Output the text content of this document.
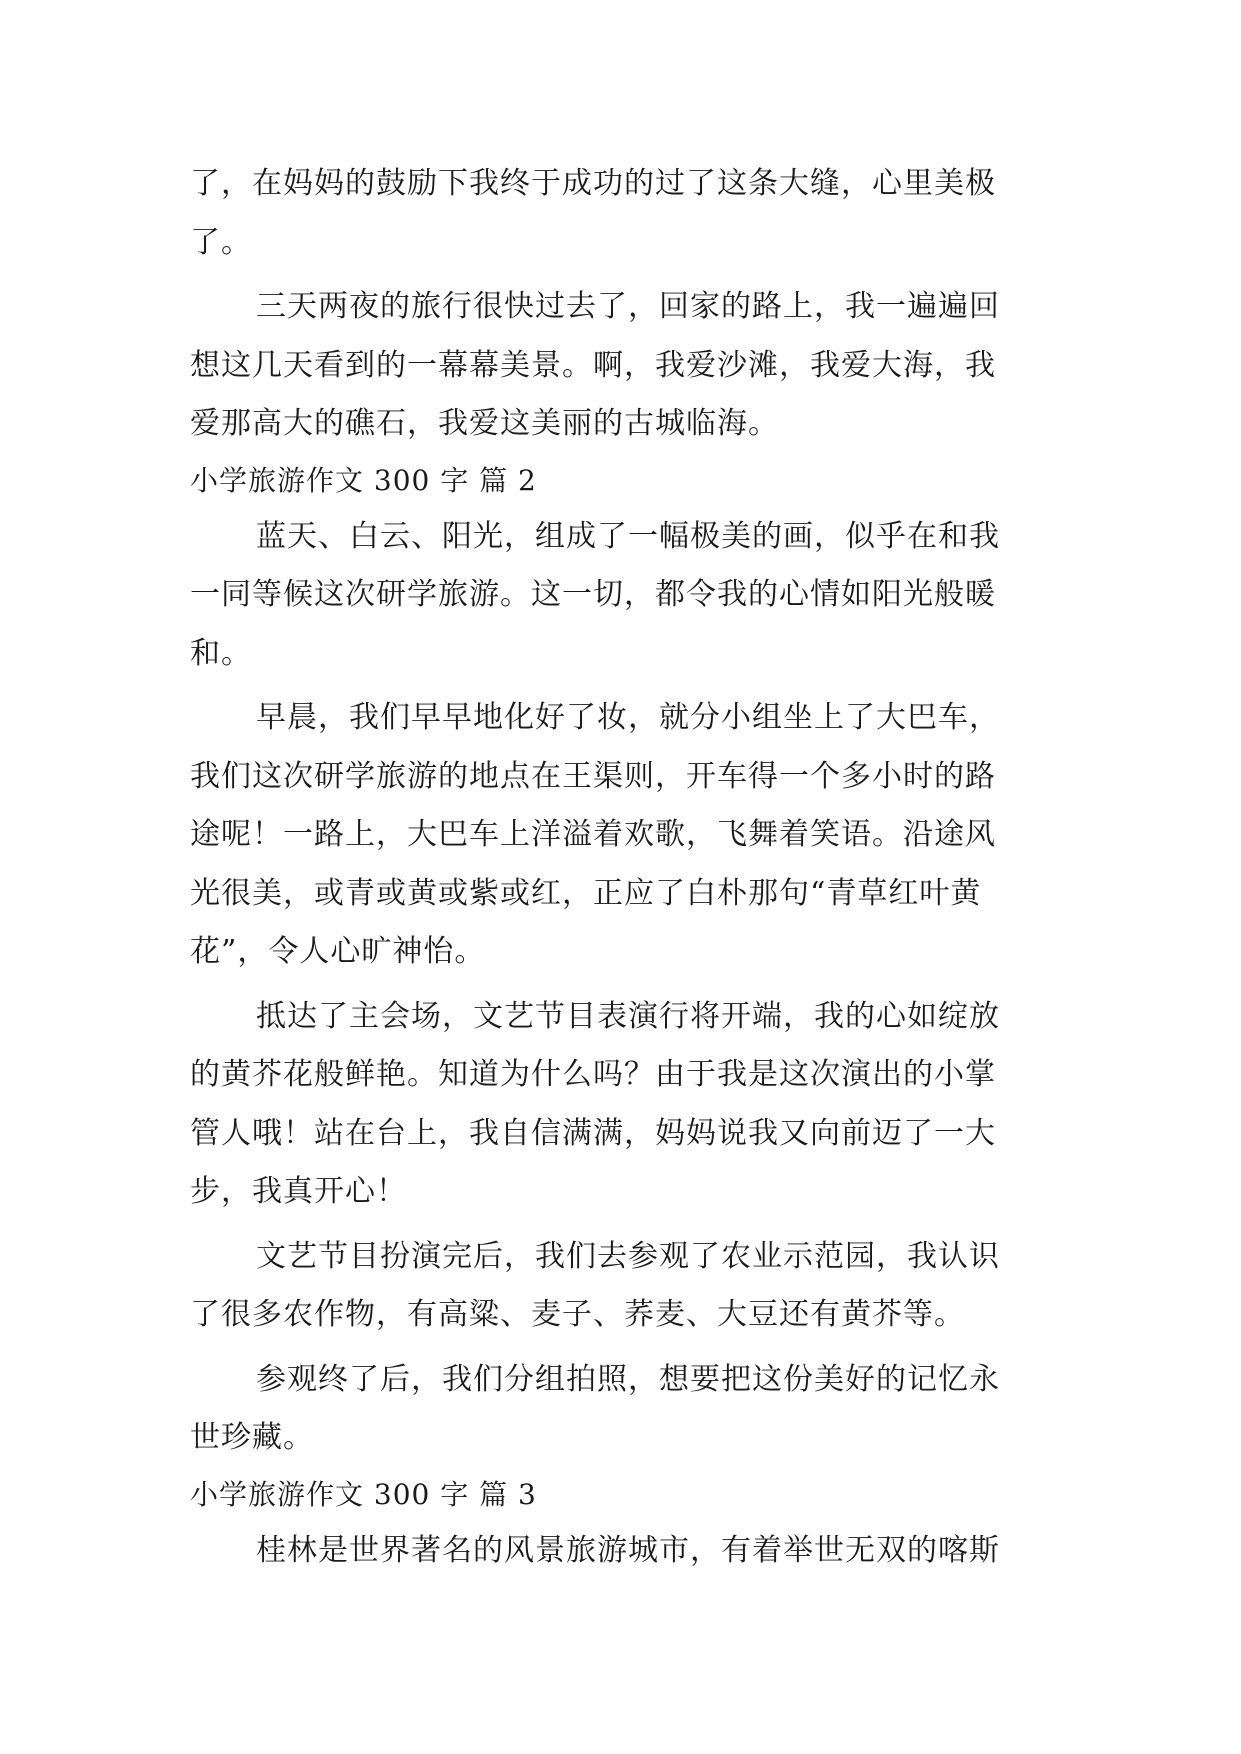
了，在妈妈的鼓励下我终于成功的过了这条大缝，心里美极
了。
三天两夜的旅行很快过去了，回家的路上，我一遍遍回
想这几天看到的一幕幕美景。啊，我爱沙滩，我爱大海，我
爱那高大的礁石，我爱这美丽的古城临海。
小学旅游作文 300 字 篇 2
蓝天、白云、阳光，组成了一幅极美的画，似乎在和我
一同等候这次研学旅游。这一切，都令我的心情如阳光般暖
和。
早晨，我们早早地化好了妆，就分小组坐上了大巴车，
我们这次研学旅游的地点在王渠则，开车得一个多小时的路
途呢！一路上，大巴车上洋溢着欢歌，飞舞着笑语。沿途风
光很美，或青或黄或紫或红，正应了白朴那句“青草红叶黄
花”，令人心旷神怡。
抵达了主会场，文艺节目表演行将开端，我的心如绽放
的黄芥花般鲜艳。知道为什么吗？由于我是这次演出的小掌
管人哦！站在台上，我自信满满，妈妈说我又向前迈了一大
步，我真开心！
文艺节目扮演完后，我们去参观了农业示范园，我认识
了很多农作物，有高粱、麦子、荞麦、大豆还有黄芥等。
参观终了后，我们分组拍照，想要把这份美好的记忆永
世珍藏。
小学旅游作文 300 字 篇 3
桂林是世界著名的风景旅游城市，有着举世无双的喀斯
